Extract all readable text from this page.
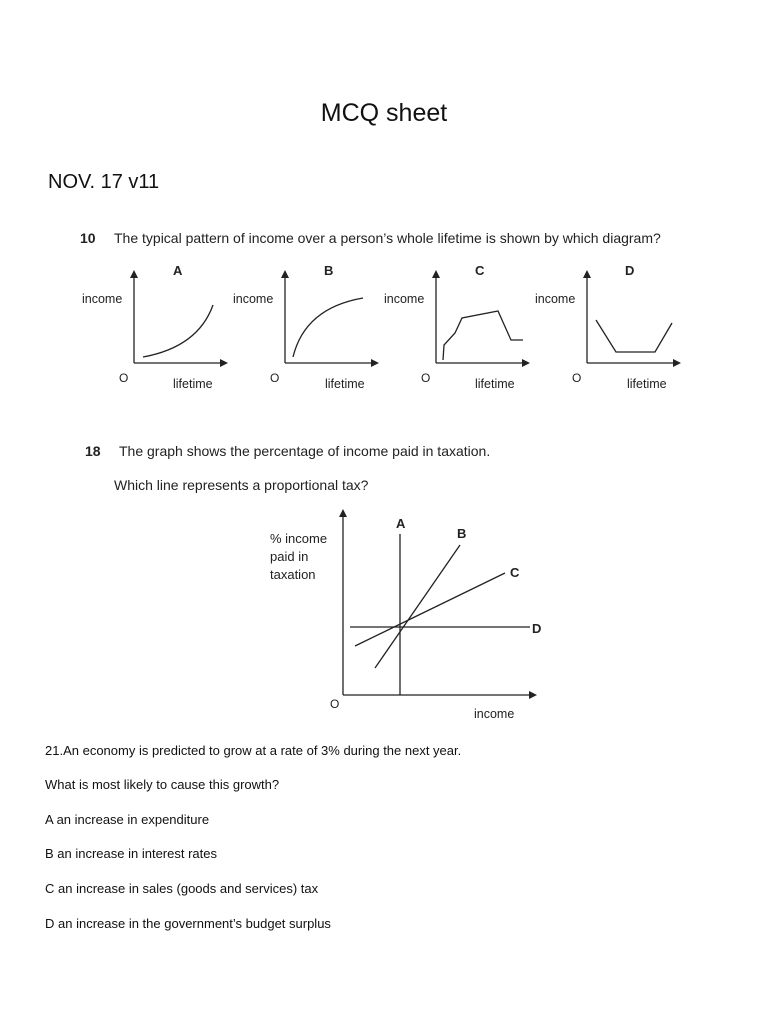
MCQ sheet
NOV. 17 v11
10 The typical pattern of income over a person’s whole lifetime is shown by which diagram?
A	B	C	D
income	income	income	income
O	O	O	O
lifetime	lifetime	lifetime	lifetime
18 The graph shows the percentage of income paid in taxation.
Which line represents a proportional tax?
% income
paid in
taxation
O
income
A
B
C
D
21.An economy is predicted to grow at a rate of 3% during the next year.
What is most likely to cause this growth?
A an increase in expenditure
B an increase in interest rates
C an increase in sales (goods and services) tax
D an increase in the government’s budget surplus
